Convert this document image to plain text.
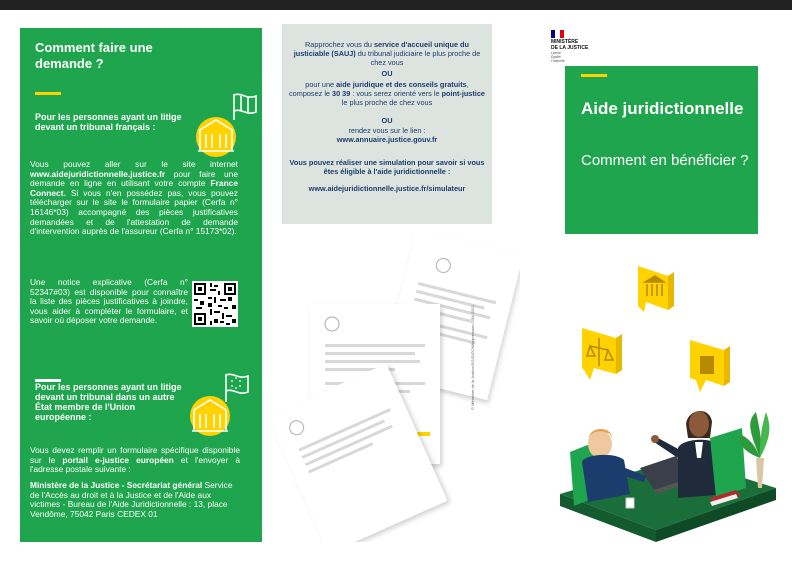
Comment faire une demande ?
Pour les personnes ayant un litige devant un tribunal français :
Vous pouvez aller sur le site internet www.aidejuridictionnelle.justice.fr pour faire une demande en ligne en utilisant votre compte France Connect. Si vous n'en possédez pas, vous pouvez télécharger sur le site le formulaire papier (Cerfa n° 16146*03) accompagné des pièces justificatives demandées et de l'attestation de demande d'intervention auprès de l'assureur (Cerfa n° 15173*02).
Une notice explicative (Cerfa n° 52347#03) est disponible pour connaître la liste des pièces justificatives à joindre, vous aider à compléter le formulaire, et savoir où déposer votre demande.
Pour les personnes ayant un litige devant un tribunal dans un autre État membre de l'Union européenne :
Vous devez remplir un formulaire spécifique disponible sur le portail e-justice européen et l'envoyer à l'adresse postale suivante :
Ministère de la Justice - Secrétariat général Service de l'Accès au droit et à la Justice et de l'Aide aux victimes - Bureau de l'Aide Juridictionnelle : 13, place Vendôme, 75042 Paris CEDEX 01
Rapprochez vous du service d'accueil unique du justiciable (SAUJ) du tribunal judiciaire le plus proche de chez vous
OU
pour une aide juridique et des conseils gratuits, composez le 30 39 : vous serez orienté vers le point-justice le plus proche de chez vous
OU
rendez vous sur le lien :
www.annuaire.justice.gouv.fr
Vous pouvez réaliser une simulation pour savoir si vous êtes éligible à l'aide juridictionnelle :
www.aidejuridictionnelle.justice.fr/simulateur
© Ministère de la Justice/SG/DICOM/impression CRA 2022
MINISTÈRE
DE LA JUSTICE
Liberté
Égalité
Fraternité
Aide juridictionnelle
Comment en bénéficier ?
